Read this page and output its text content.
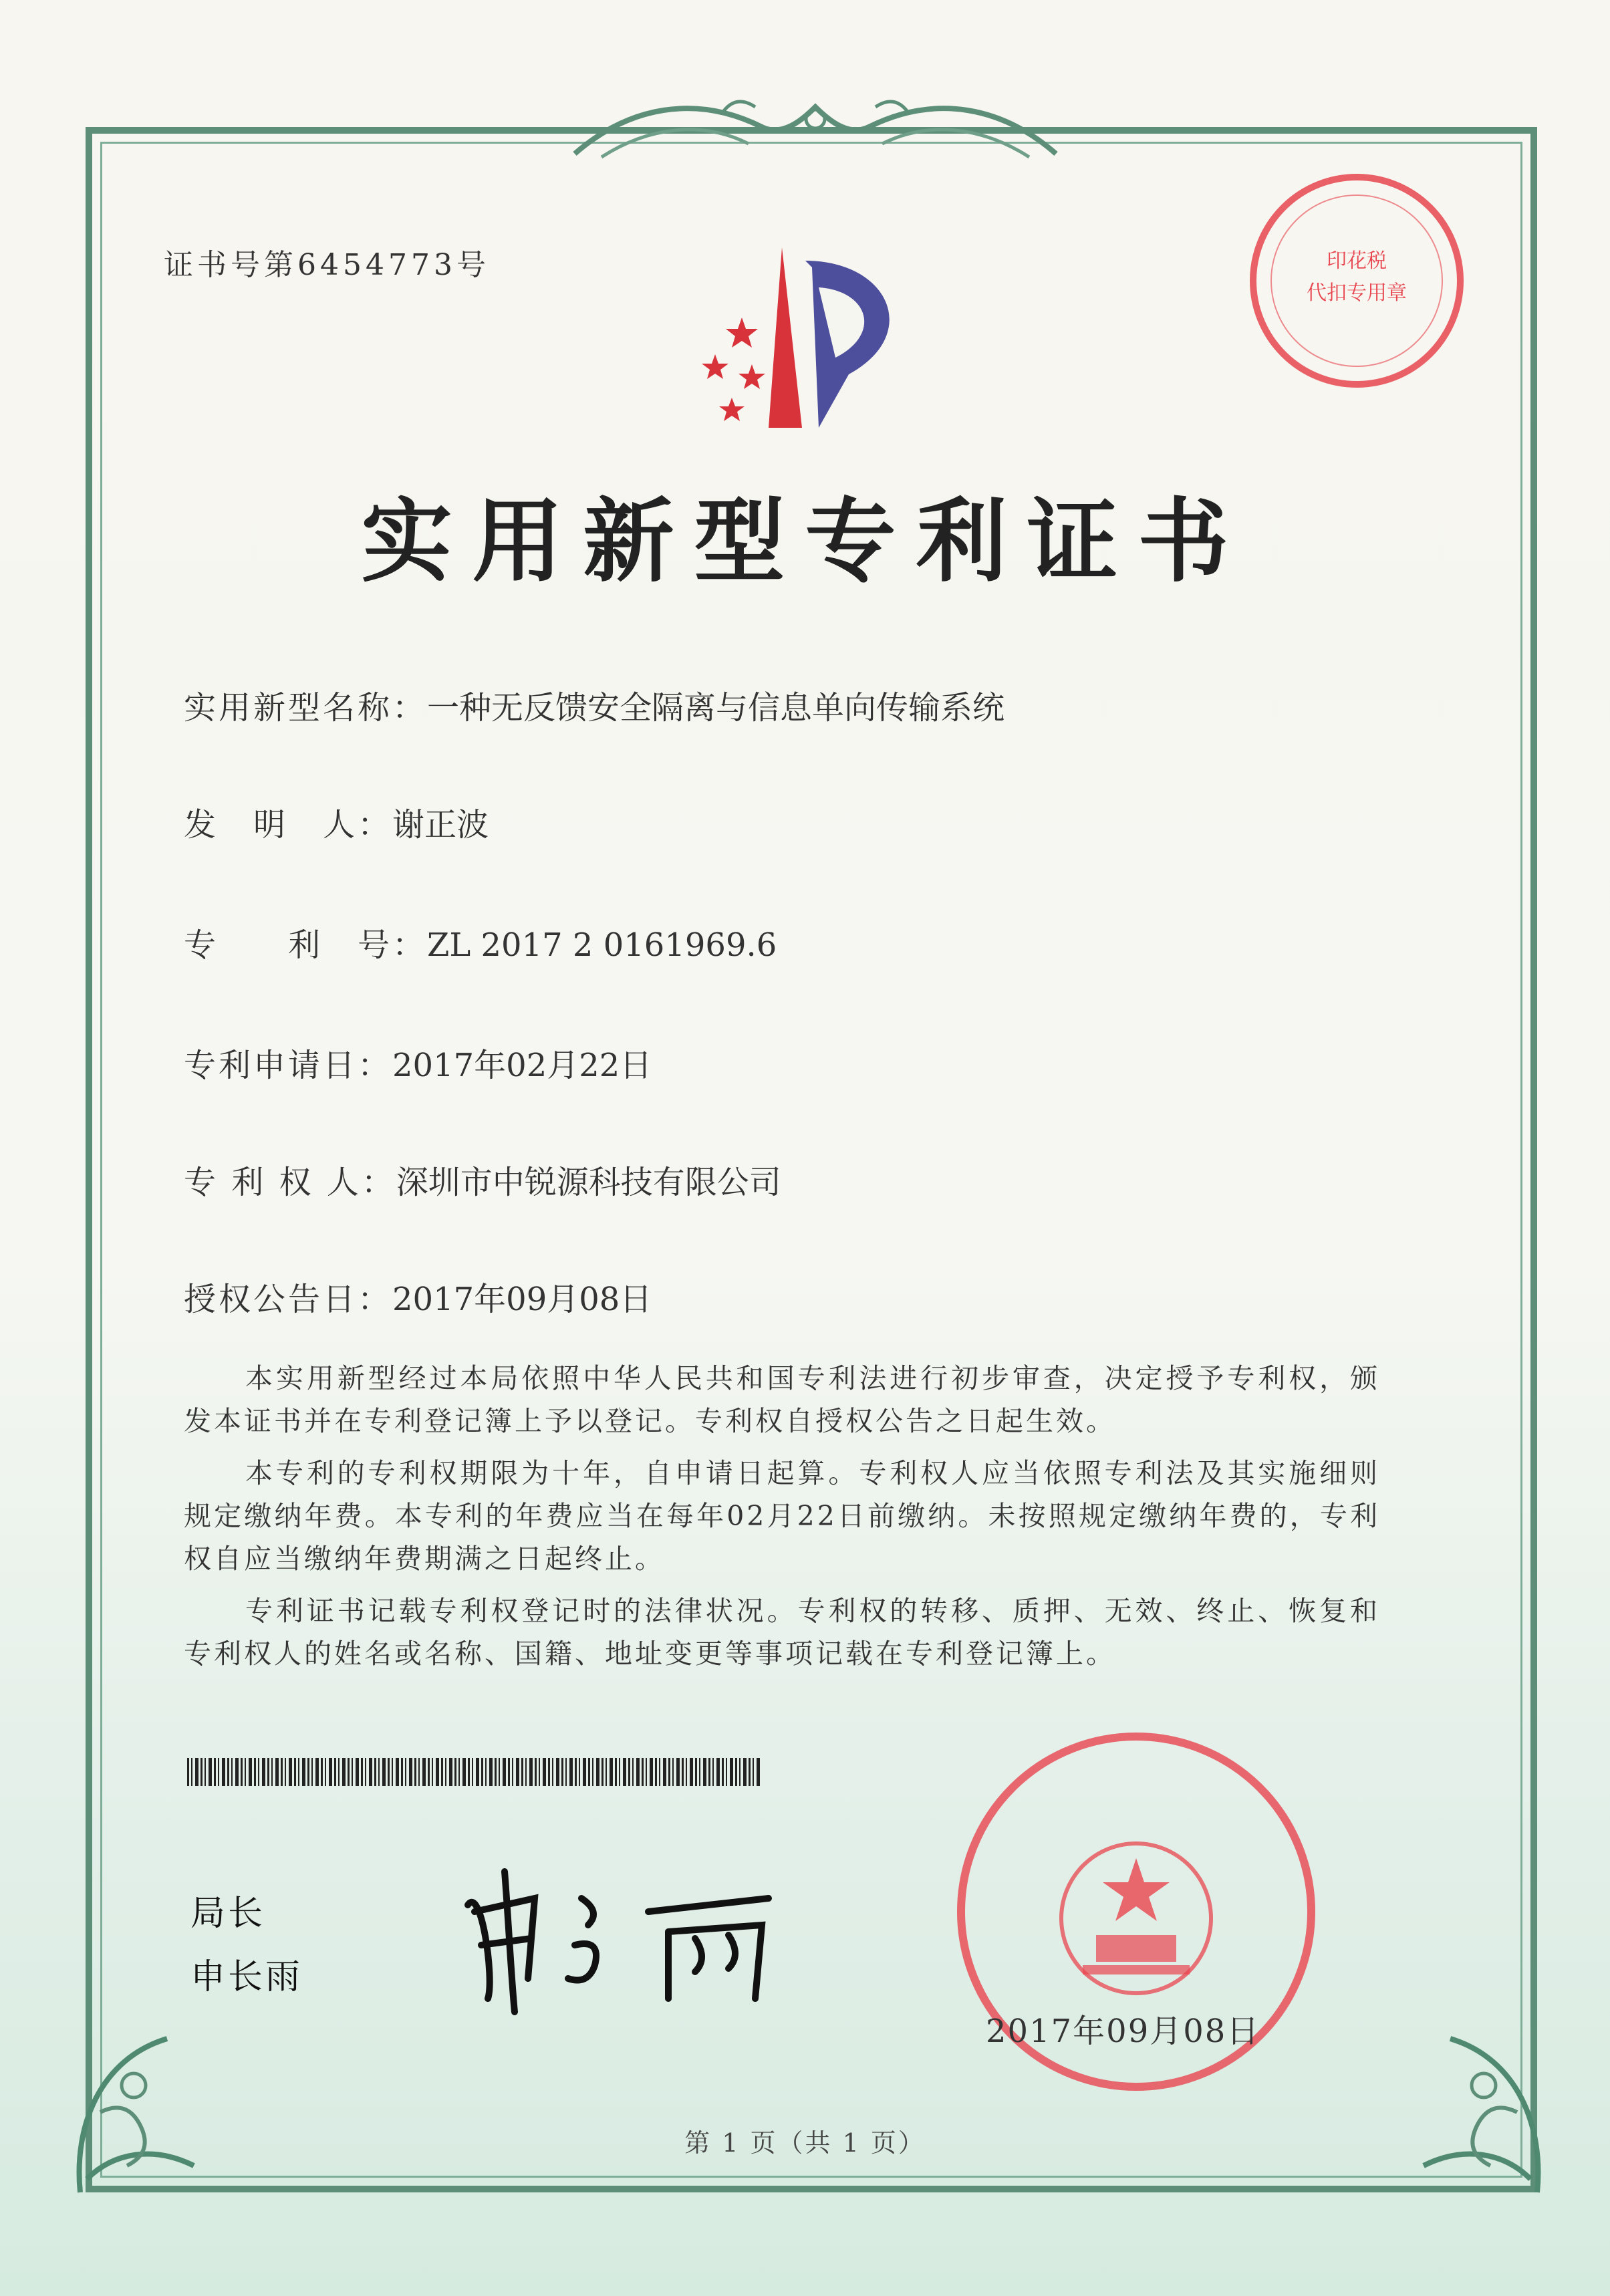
证书号第6454773号
实用新型专利证书
实用新型名称：一种无反馈安全隔离与信息单向传输系统
发　明　人：谢正波
专　　利　号：ZL 2017 2 0161969.6
专利申请日：2017年02月22日
专 利 权 人：深圳市中锐源科技有限公司
授权公告日：2017年09月08日

本实用新型经过本局依照中华人民共和国专利法进行初步审查，决定授予专利权，颁发本证书并在专利登记簿上予以登记。专利权自授权公告之日起生效。

本专利的专利权期限为十年，自申请日起算。专利权人应当依照专利法及其实施细则规定缴纳年费。本专利的年费应当在每年02月22日前缴纳。未按照规定缴纳年费的，专利权自应当缴纳年费期满之日起终止。

专利证书记载专利权登记时的法律状况。专利权的转移、质押、无效、终止、恢复和专利权人的姓名或名称、国籍、地址变更等事项记载在专利登记簿上。

局长
申长雨
印花税
代扣专用章
2017年09月08日
第 1 页（共 1 页）
